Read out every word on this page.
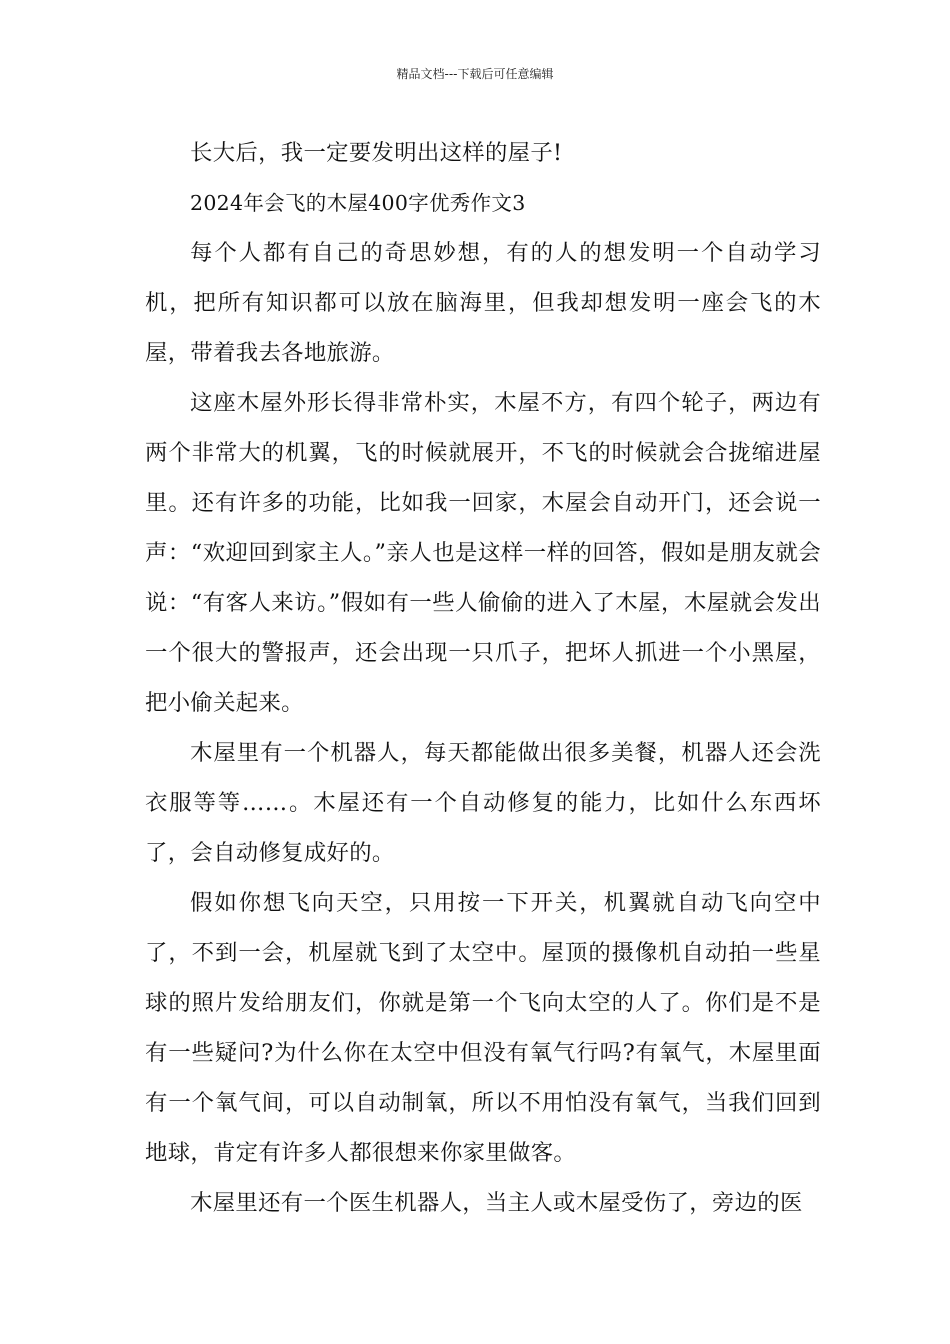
精品文档---下载后可任意编辑

长大后，我一定要发明出这样的屋子!

2024年会飞的木屋400字优秀作文3

每个人都有自己的奇思妙想，有的人的想发明一个自动学习机，把所有知识都可以放在脑海里，但我却想发明一座会飞的木屋，带着我去各地旅游。

这座木屋外形长得非常朴实，木屋不方，有四个轮子，两边有两个非常大的机翼，飞的时候就展开，不飞的时候就会合拢缩进屋里。还有许多的功能，比如我一回家，木屋会自动开门，还会说一声：“欢迎回到家主人。”亲人也是这样一样的回答，假如是朋友就会说：“有客人来访。”假如有一些人偷偷的进入了木屋，木屋就会发出一个很大的警报声，还会出现一只爪子，把坏人抓进一个小黑屋，把小偷关起来。

木屋里有一个机器人，每天都能做出很多美餐，机器人还会洗衣服等等……。木屋还有一个自动修复的能力，比如什么东西坏了，会自动修复成好的。

假如你想飞向天空，只用按一下开关，机翼就自动飞向空中了，不到一会，机屋就飞到了太空中。屋顶的摄像机自动拍一些星球的照片发给朋友们，你就是第一个飞向太空的人了。你们是不是有一些疑问?为什么你在太空中但没有氧气行吗?有氧气，木屋里面有一个氧气间，可以自动制氧，所以不用怕没有氧气，当我们回到地球，肯定有许多人都很想来你家里做客。

木屋里还有一个医生机器人，当主人或木屋受伤了，旁边的医
